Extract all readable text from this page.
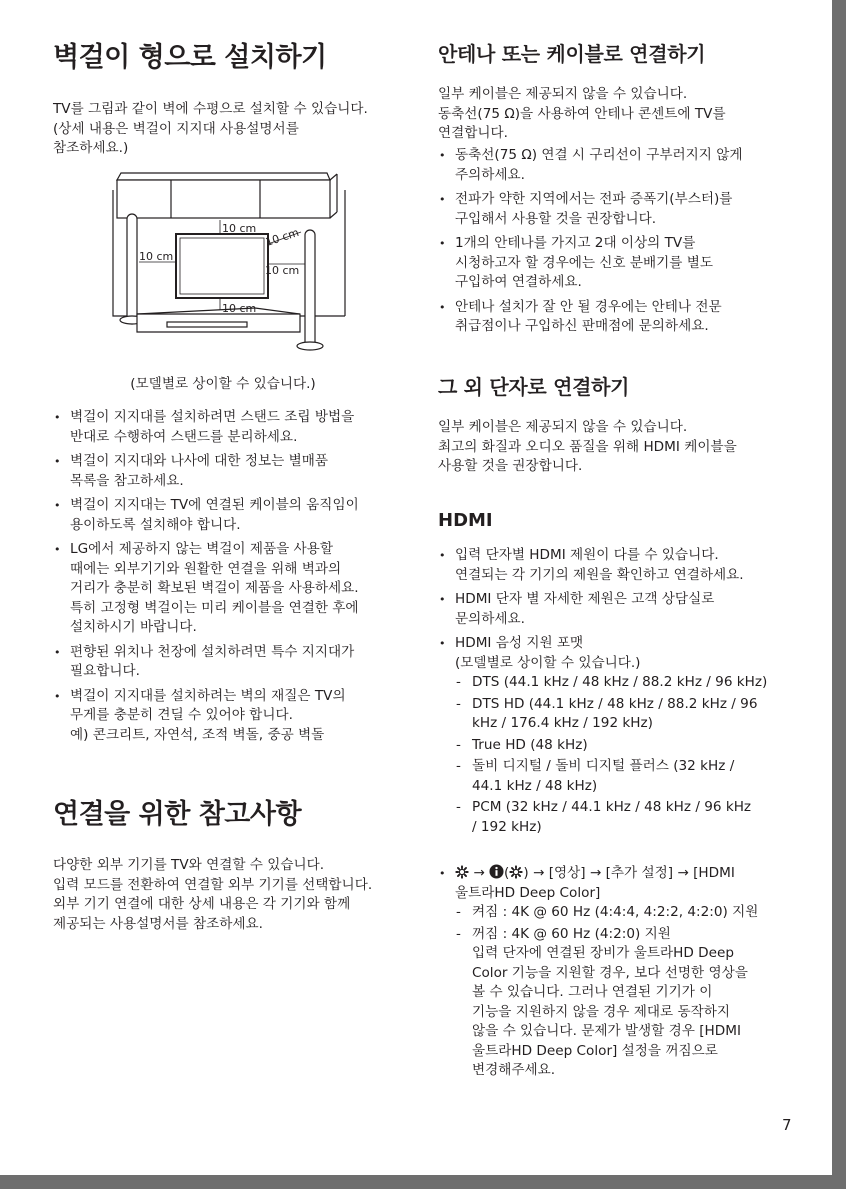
벽걸이 형으로 설치하기

TV를 그림과 같이 벽에 수평으로 설치할 수 있습니다.
(상세 내용은 벽걸이 지지대 사용설명서를
참조하세요.)

10 cm
10 cm
10 cm
10 cm
10 cm
(모델별로 상이할 수 있습니다.)
• 벽걸이 지지대를 설치하려면 스탠드 조립 방법을
반대로 수행하여 스탠드를 분리하세요.
• 벽걸이 지지대와 나사에 대한 정보는 별매품
목록을 참고하세요.
• 벽걸이 지지대는 TV에 연결된 케이블의 움직임이
용이하도록 설치해야 합니다.
• LG에서 제공하지 않는 벽걸이 제품을 사용할
때에는 외부기기와 원활한 연결을 위해 벽과의
거리가 충분히 확보된 벽걸이 제품을 사용하세요.
특히 고정형 벽걸이는 미리 케이블을 연결한 후에
설치하시기 바랍니다.
• 편향된 위치나 천장에 설치하려면 특수 지지대가
필요합니다.
• 벽걸이 지지대를 설치하려는 벽의 재질은 TV의
무게를 충분히 견딜 수 있어야 합니다.
예) 콘크리트, 자연석, 조적 벽돌, 중공 벽돌
연결을 위한 참고사항

다양한 외부 기기를 TV와 연결할 수 있습니다.
입력 모드를 전환하여 연결할 외부 기기를 선택합니다.
외부 기기 연결에 대한 상세 내용은 각 기기와 함께
제공되는 사용설명서를 참조하세요.

안테나 또는 케이블로 연결하기

일부 케이블은 제공되지 않을 수 있습니다.
동축선(75 Ω)을 사용하여 안테나 콘센트에 TV를
연결합니다.

• 동축선(75 Ω) 연결 시 구리선이 구부러지지 않게
주의하세요.
• 전파가 약한 지역에서는 전파 증폭기(부스터)를
구입해서 사용할 것을 권장합니다.
• 1개의 안테나를 가지고 2대 이상의 TV를
시청하고자 할 경우에는 신호 분배기를 별도
구입하여 연결하세요.
• 안테나 설치가 잘 안 될 경우에는 안테나 전문
취급점이나 구입하신 판매점에 문의하세요.
그 외 단자로 연결하기

일부 케이블은 제공되지 않을 수 있습니다.
최고의 화질과 오디오 품질을 위해 HDMI 케이블을
사용할 것을 권장합니다.

HDMI
• 입력 단자별 HDMI 제원이 다를 수 있습니다.
연결되는 각 기기의 제원을 확인하고 연결하세요.
• HDMI 단자 별 자세한 제원은 고객 상담실로
문의하세요.
• HDMI 음성 지원 포맷
(모델별로 상이할 수 있습니다.)
- DTS (44.1 kHz / 48 kHz / 88.2 kHz / 96 kHz)
- DTS HD (44.1 kHz / 48 kHz / 88.2 kHz / 96
kHz / 176.4 kHz / 192 kHz)
- True HD (48 kHz)
- 돌비 디지털 / 돌비 디지털 플러스 (32 kHz /
44.1 kHz / 48 kHz)
- PCM (32 kHz / 44.1 kHz / 48 kHz / 96 kHz
/ 192 kHz)
• → ( ) → [영상] → [추가 설정] → [HDMI
울트라HD Deep Color]
- 켜짐 : 4K @ 60 Hz (4:4:4, 4:2:2, 4:2:0) 지원
- 꺼짐 : 4K @ 60 Hz (4:2:0) 지원
입력 단자에 연결된 장비가 울트라HD Deep
Color 기능을 지원할 경우, 보다 선명한 영상을
볼 수 있습니다. 그러나 연결된 기기가 이
기능을 지원하지 않을 경우 제대로 동작하지
않을 수 있습니다. 문제가 발생할 경우 [HDMI
울트라HD Deep Color] 설정을 꺼짐으로
변경해주세요.
7
